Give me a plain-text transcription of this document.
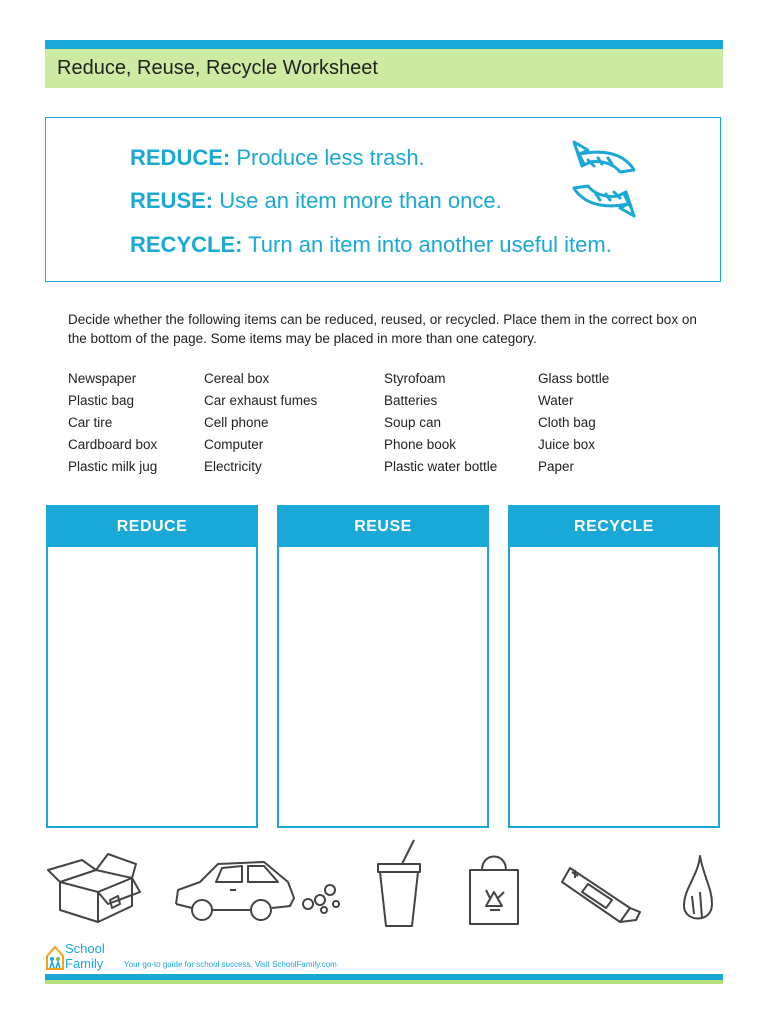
Reduce, Reuse, Recycle Worksheet
REDUCE: Produce less trash.
REUSE: Use an item more than once.
RECYCLE: Turn an item into another useful item.
Decide whether the following items can be reduced, reused, or recycled. Place them in the correct box on the bottom of the page. Some items may be placed in more than one category.
Newspaper
Plastic bag
Car tire
Cardboard box
Plastic milk jug
Cereal box
Car exhaust fumes
Cell phone
Computer
Electricity
Styrofoam
Batteries
Soup can
Phone book
Plastic water bottle
Glass bottle
Water
Cloth bag
Juice box
Paper
REDUCE	REUSE	RECYCLE
School
Family	Your go-to guide for school success. Visit SchoolFamily.com
